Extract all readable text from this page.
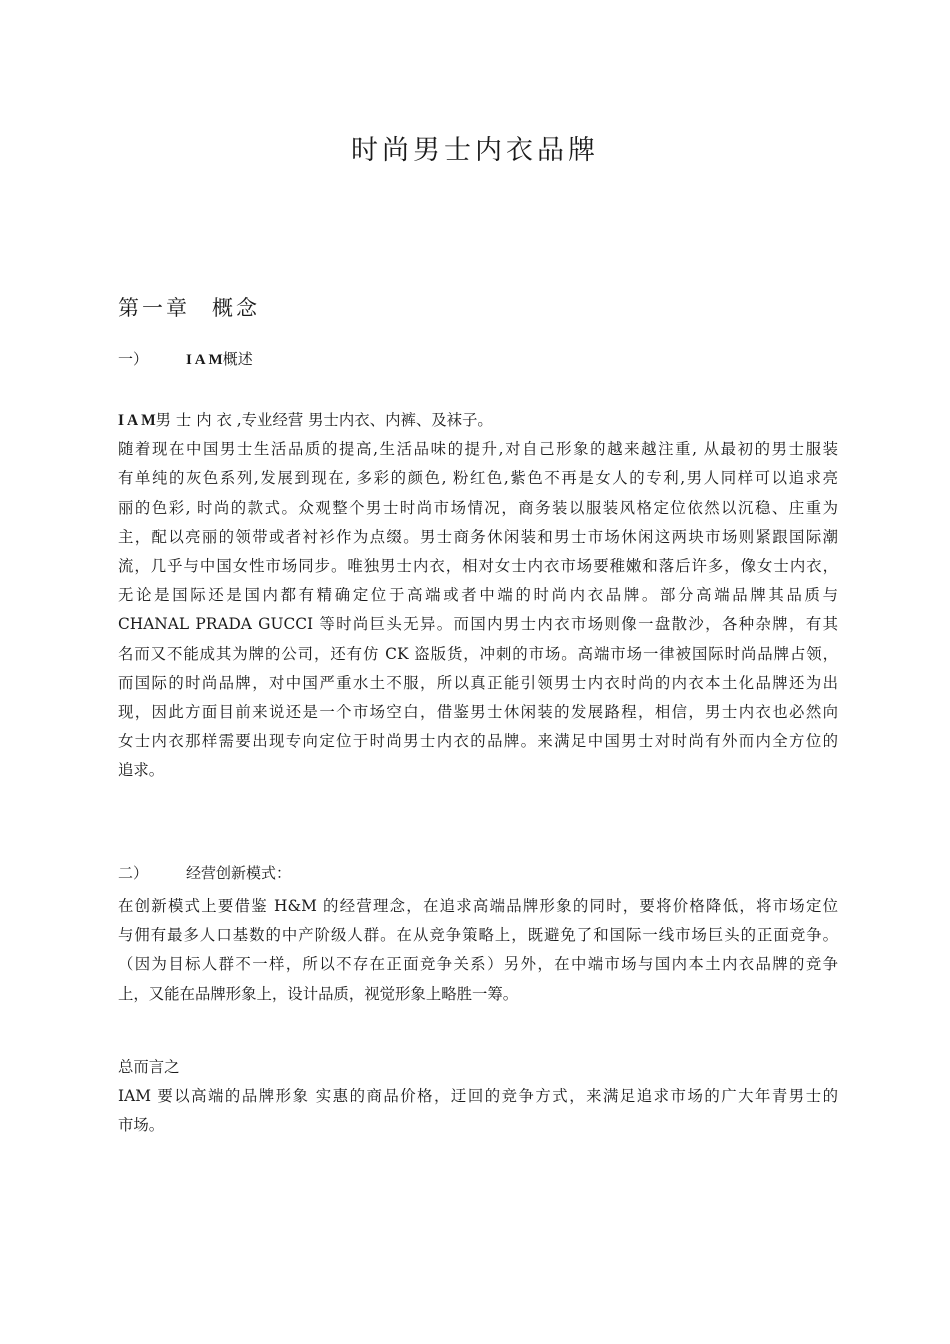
时尚男士内衣品牌
第一章 概念
一）	I A M概述
I A M男 士 内 衣 ,专业经营 男士内衣、内裤、及袜子。
随着现在中国男士生活品质的提高,生活品味的提升,对自己形象的越来越注重, 从最初的男士服装
有单纯的灰色系列,发展到现在, 多彩的颜色, 粉红色,紫色不再是女人的专利,男人同样可以追求亮
丽的色彩, 时尚的款式。众观整个男士时尚市场情况，商务装以服装风格定位依然以沉稳、庄重为
主，配以亮丽的领带或者衬衫作为点缀。男士商务休闲装和男士市场休闲这两块市场则紧跟国际潮
流，几乎与中国女性市场同步。唯独男士内衣，相对女士内衣市场要稚嫩和落后许多，像女士内衣，
无论是国际还是国内都有精确定位于高端或者中端的时尚内衣品牌。部分高端品牌其品质与
CHANAL PRADA GUCCI 等时尚巨头无异。而国内男士内衣市场则像一盘散沙，各种杂牌，有其
名而又不能成其为牌的公司，还有仿 CK 盗版货，冲刺的市场。高端市场一律被国际时尚品牌占领，
而国际的时尚品牌，对中国严重水土不服，所以真正能引领男士内衣时尚的内衣本土化品牌还为出
现，因此方面目前来说还是一个市场空白，借鉴男士休闲装的发展路程，相信，男士内衣也必然向
女士内衣那样需要出现专向定位于时尚男士内衣的品牌。来满足中国男士对时尚有外而内全方位的
追求。
二）	经营创新模式：
在创新模式上要借鉴 H&M 的经营理念，在追求高端品牌形象的同时，要将价格降低，将市场定位
与佣有最多人口基数的中产阶级人群。在从竞争策略上，既避免了和国际一线市场巨头的正面竞争。
（因为目标人群不一样，所以不存在正面竞争关系）另外，在中端市场与国内本土内衣品牌的竞争
上，又能在品牌形象上，设计品质，视觉形象上略胜一筹。
总而言之
IAM 要以高端的品牌形象 实惠的商品价格，迂回的竞争方式，来满足追求市场的广大年青男士的
市场。
